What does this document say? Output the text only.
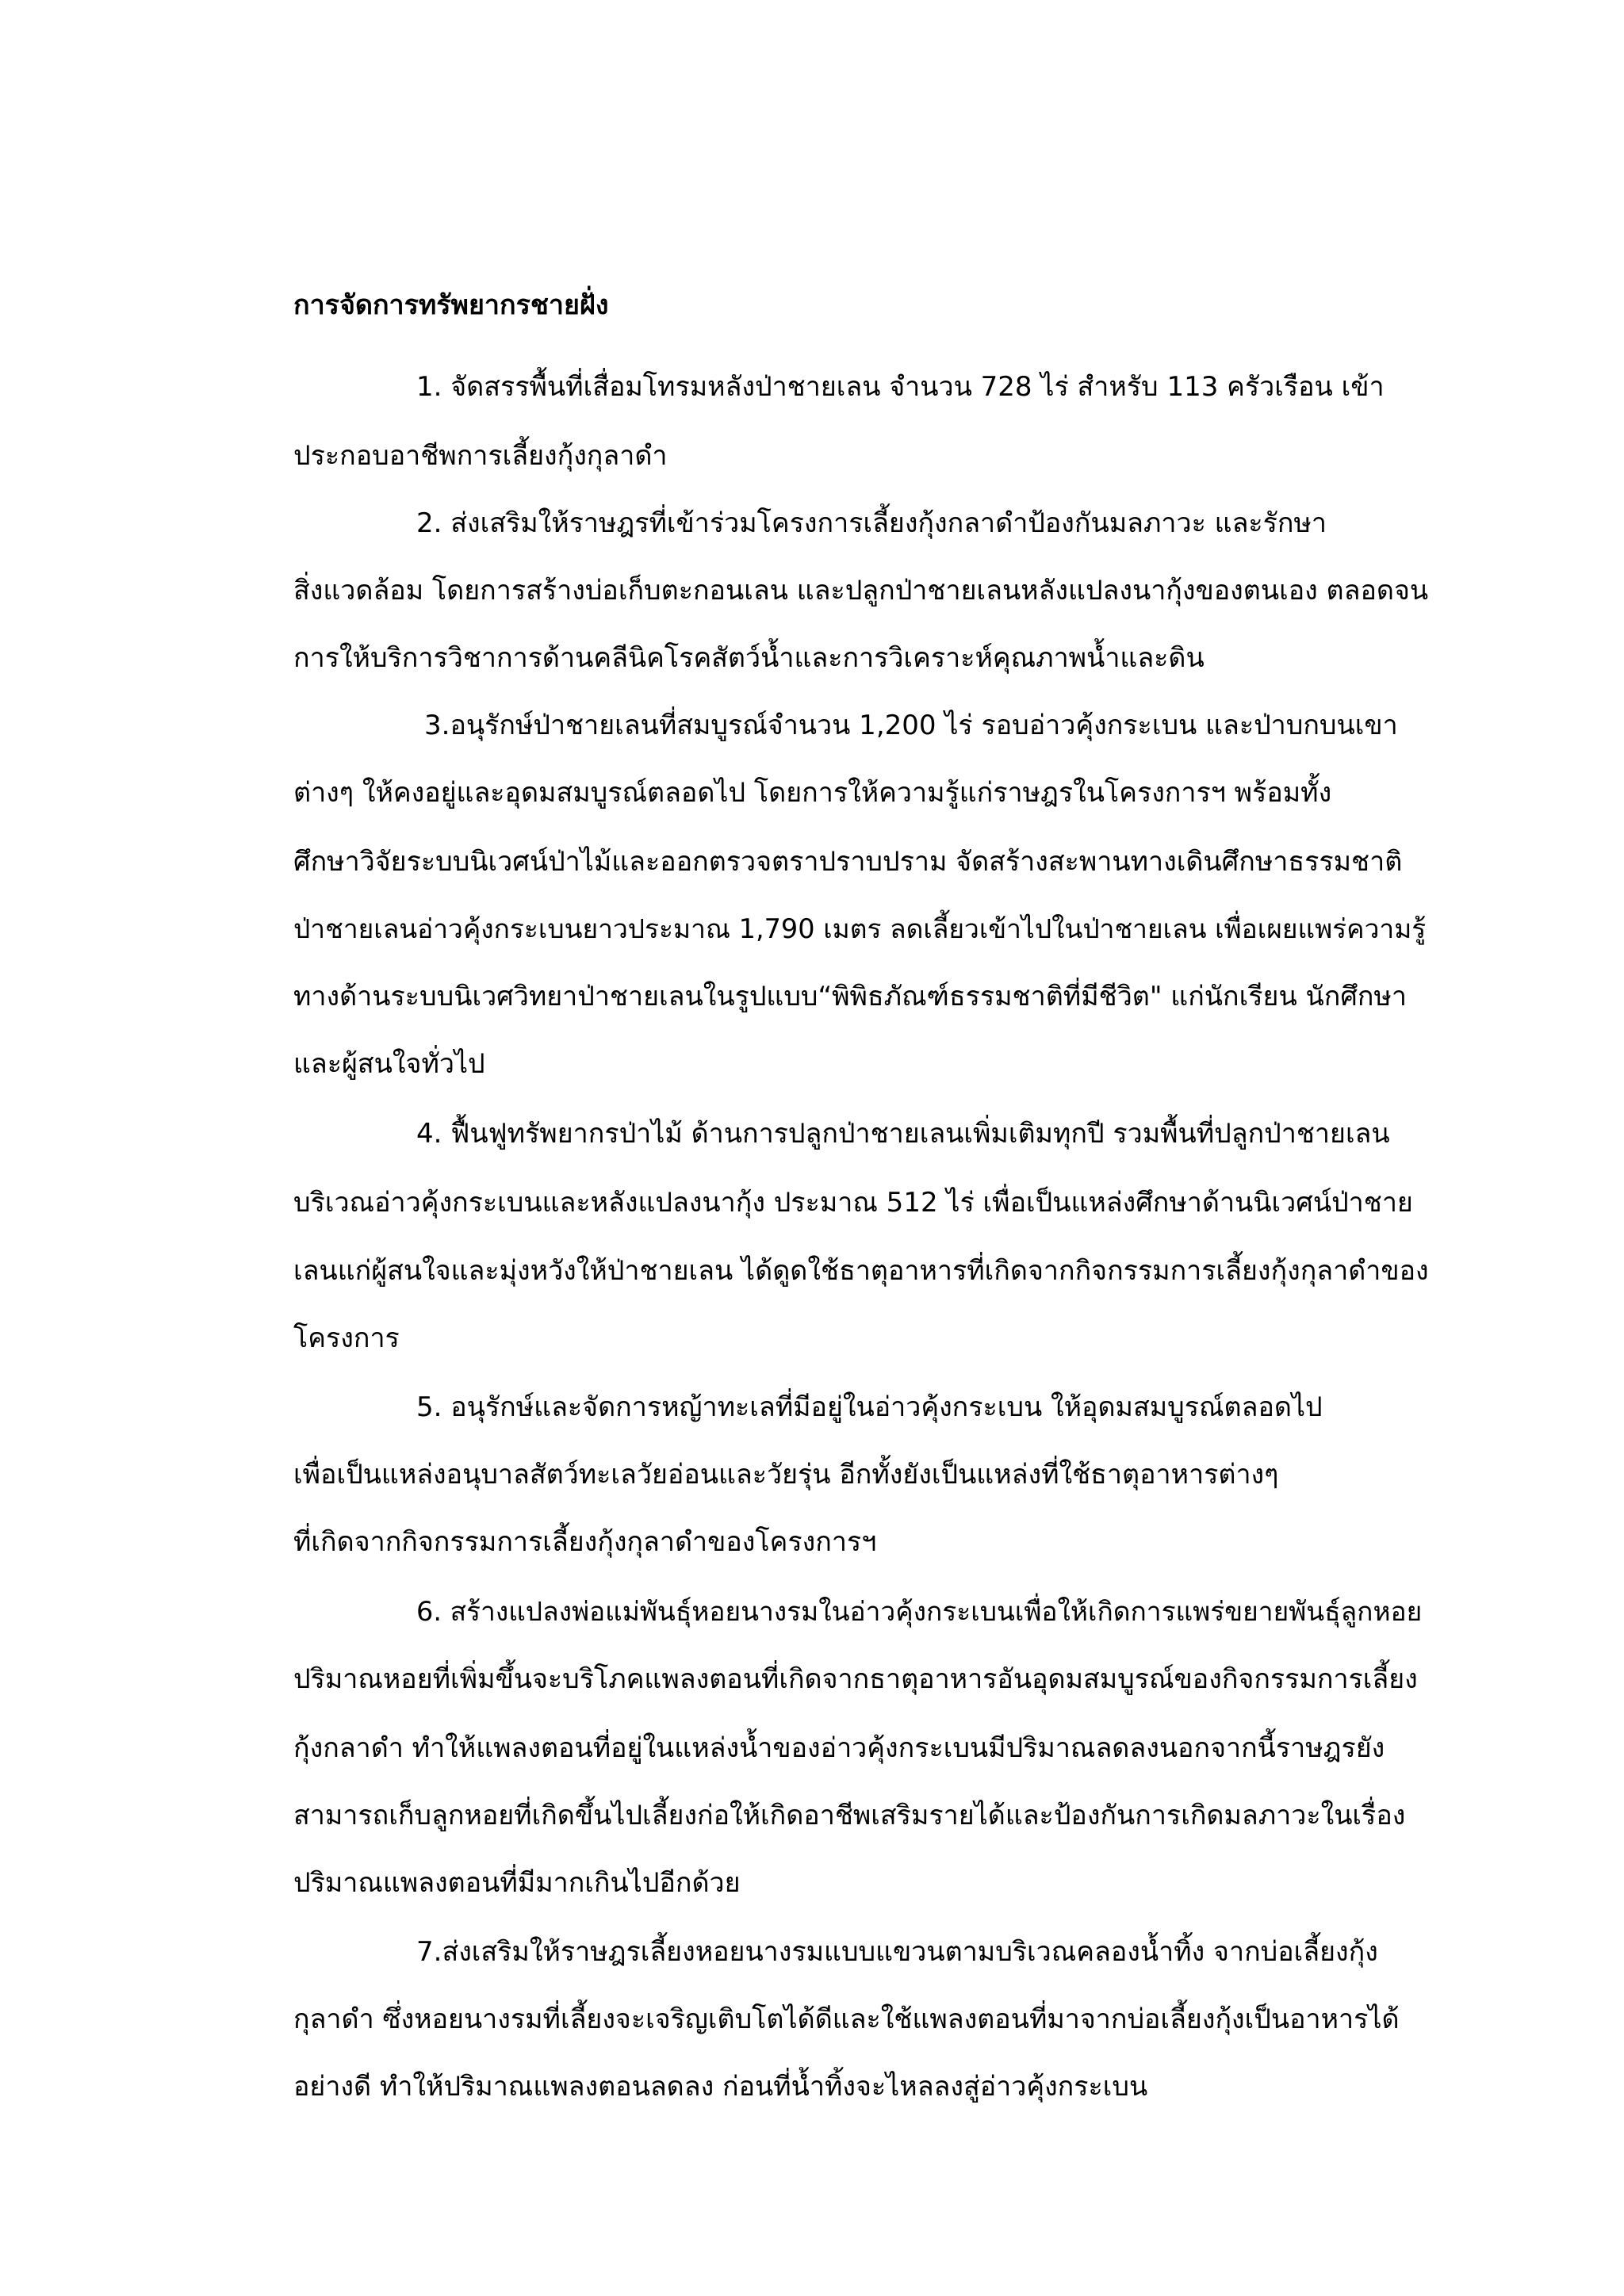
การจัดการทรัพยากรชายฝั่ง
1. จัดสรรพื้นที่เสื่อมโทรมหลังป่าชายเลน จำนวน 728 ไร่ สำหรับ 113 ครัวเรือน เข้า
ประกอบอาชีพการเลี้ยงกุ้งกุลาดำ
2. ส่งเสริมให้ราษฎรที่เข้าร่วมโครงการเลี้ยงกุ้งกลาดำป้องกันมลภาวะ และรักษา
สิ่งแวดล้อม โดยการสร้างบ่อเก็บตะกอนเลน และปลูกป่าชายเลนหลังแปลงนากุ้งของตนเอง ตลอดจน
การให้บริการวิชาการด้านคลีนิคโรคสัตว์น้ำและการวิเคราะห์คุณภาพน้ำและดิน
3.อนุรักษ์ป่าชายเลนที่สมบูรณ์จำนวน 1,200 ไร่ รอบอ่าวคุ้งกระเบน และป่าบกบนเขา
ต่างๆ ให้คงอยู่และอุดมสมบูรณ์ตลอดไป โดยการให้ความรู้แก่ราษฎรในโครงการฯ พร้อมทั้ง
ศึกษาวิจัยระบบนิเวศน์ป่าไม้และออกตรวจตราปราบปราม จัดสร้างสะพานทางเดินศึกษาธรรมชาติ
ป่าชายเลนอ่าวคุ้งกระเบนยาวประมาณ 1,790 เมตร ลดเลี้ยวเข้าไปในป่าชายเลน เพื่อเผยแพร่ความรู้
ทางด้านระบบนิเวศวิทยาป่าชายเลนในรูปแบบ“พิพิธภัณฑ์ธรรมชาติที่มีชีวิต" แก่นักเรียน นักศึกษา
และผู้สนใจทั่วไป
4. ฟื้นฟูทรัพยากรป่าไม้ ด้านการปลูกป่าชายเลนเพิ่มเติมทุกปี รวมพื้นที่ปลูกป่าชายเลน
บริเวณอ่าวคุ้งกระเบนและหลังแปลงนากุ้ง ประมาณ 512 ไร่ เพื่อเป็นแหล่งศึกษาด้านนิเวศน์ป่าชาย
เลนแก่ผู้สนใจและมุ่งหวังให้ป่าชายเลน ได้ดูดใช้ธาตุอาหารที่เกิดจากกิจกรรมการเลี้ยงกุ้งกุลาดำของ
โครงการ
5. อนุรักษ์และจัดการหญ้าทะเลที่มีอยู่ในอ่าวคุ้งกระเบน ให้อุดมสมบูรณ์ตลอดไป
เพื่อเป็นแหล่งอนุบาลสัตว์ทะเลวัยอ่อนและวัยรุ่น อีกทั้งยังเป็นแหล่งที่ใช้ธาตุอาหารต่างๆ
ที่เกิดจากกิจกรรมการเลี้ยงกุ้งกุลาดำของโครงการฯ
6. สร้างแปลงพ่อแม่พันธุ์หอยนางรมในอ่าวคุ้งกระเบนเพื่อให้เกิดการแพร่ขยายพันธุ์ลูกหอย
ปริมาณหอยที่เพิ่มขึ้นจะบริโภคแพลงตอนที่เกิดจากธาตุอาหารอันอุดมสมบูรณ์ของกิจกรรมการเลี้ยง
กุ้งกลาดำ ทำให้แพลงตอนที่อยู่ในแหล่งน้ำของอ่าวคุ้งกระเบนมีปริมาณลดลงนอกจากนี้ราษฎรยัง
สามารถเก็บลูกหอยที่เกิดขึ้นไปเลี้ยงก่อให้เกิดอาชีพเสริมรายได้และป้องกันการเกิดมลภาวะในเรื่อง
ปริมาณแพลงตอนที่มีมากเกินไปอีกด้วย
7.ส่งเสริมให้ราษฎรเลี้ยงหอยนางรมแบบแขวนตามบริเวณคลองน้ำทิ้ง จากบ่อเลี้ยงกุ้ง
กุลาดำ ซึ่งหอยนางรมที่เลี้ยงจะเจริญเติบโตได้ดีและใช้แพลงตอนที่มาจากบ่อเลี้ยงกุ้งเป็นอาหารได้
อย่างดี ทำให้ปริมาณแพลงตอนลดลง ก่อนที่น้ำทิ้งจะไหลลงสู่อ่าวคุ้งกระเบน
